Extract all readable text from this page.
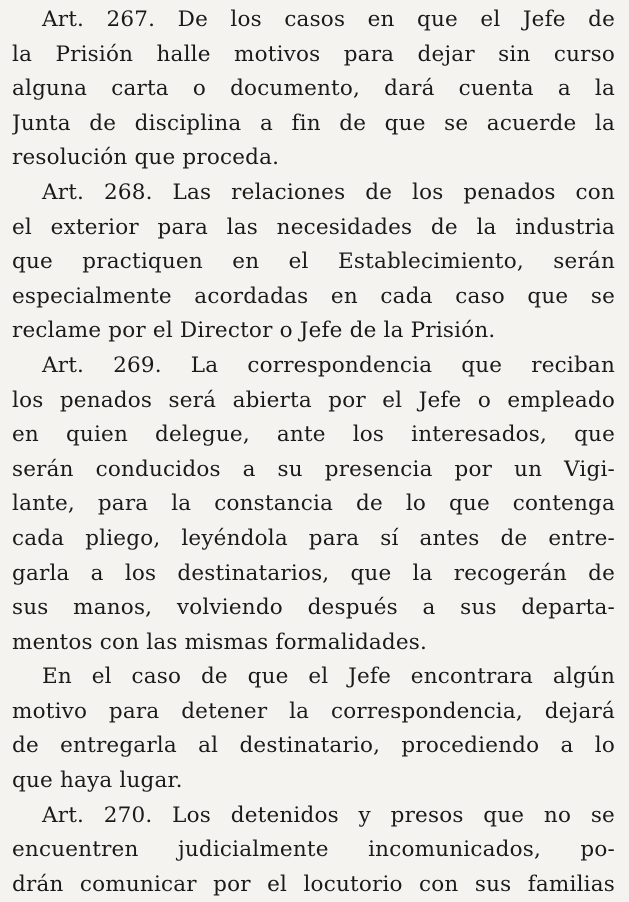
Art. 267. De los casos en que el Jefe de
la Prisión halle motivos para dejar sin curso
alguna carta o documento, dará cuenta a la
Junta de disciplina a fin de que se acuerde la
resolución que proceda.
Art. 268. Las relaciones de los penados con
el exterior para las necesidades de la industria
que practiquen en el Establecimiento, serán
especialmente acordadas en cada caso que se
reclame por el Director o Jefe de la Prisión.
Art. 269. La correspondencia que reciban
los penados será abierta por el Jefe o empleado
en quien delegue, ante los interesados, que
serán conducidos a su presencia por un Vigi-
lante, para la constancia de lo que contenga
cada pliego, leyéndola para sí antes de entre-
garla a los destinatarios, que la recogerán de
sus manos, volviendo después a sus departa-
mentos con las mismas formalidades.
En el caso de que el Jefe encontrara algún
motivo para detener la correspondencia, dejará
de entregarla al destinatario, procediendo a lo
que haya lugar.
Art. 270. Los detenidos y presos que no se
encuentren judicialmente incomunicados, po-
drán comunicar por el locutorio con sus familias
